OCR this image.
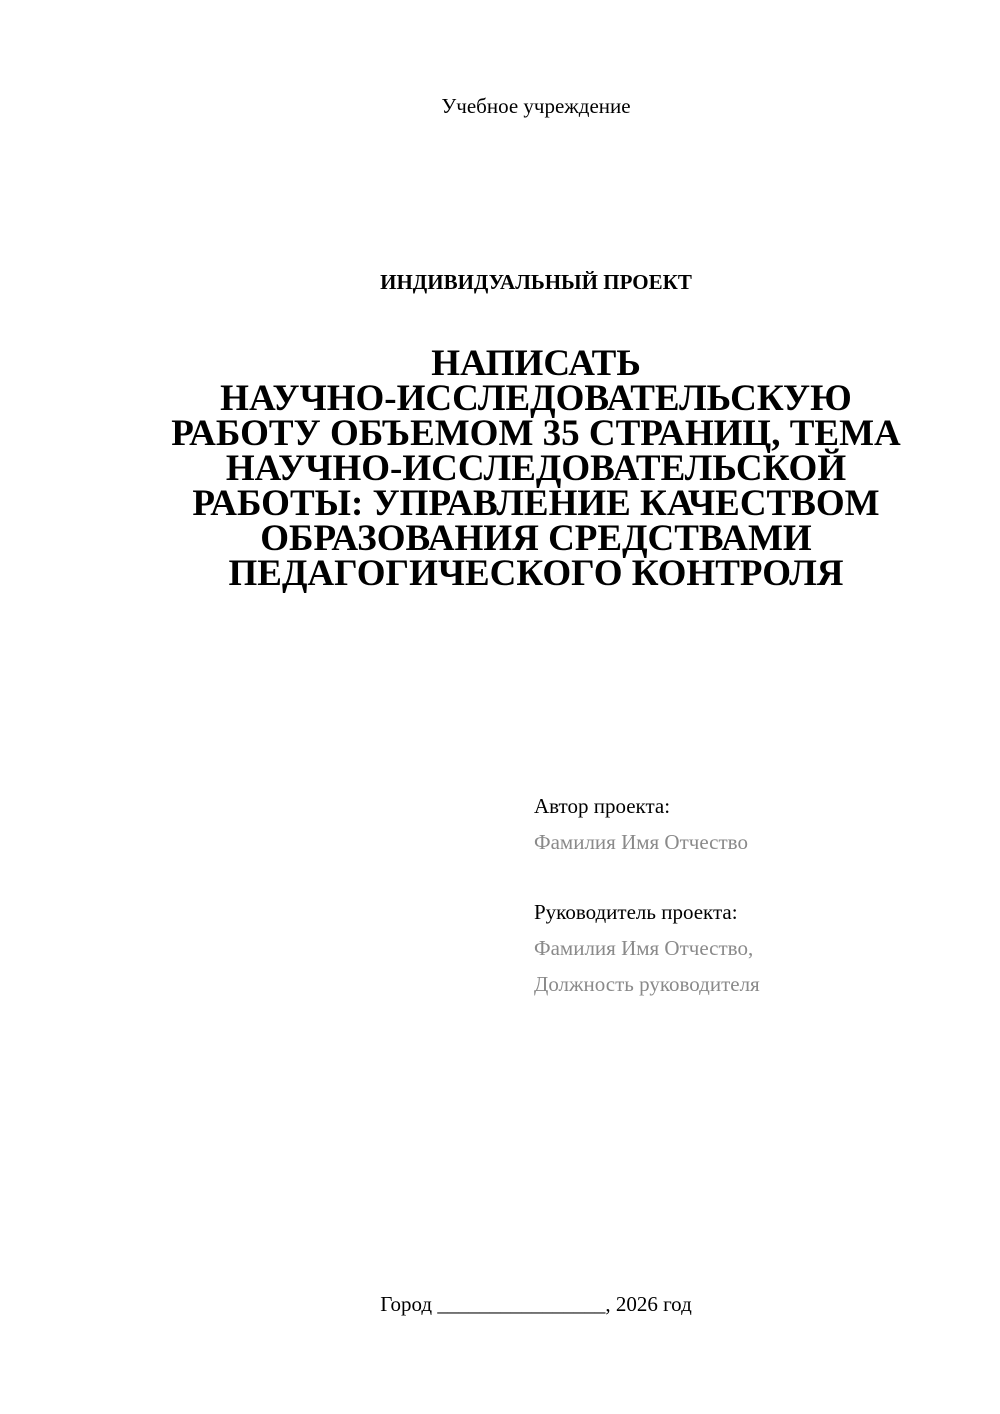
Учебное учреждение
ИНДИВИДУАЛЬНЫЙ ПРОЕКТ
НАПИСАТЬ
НАУЧНО-ИССЛЕДОВАТЕЛЬСКУЮ
РАБОТУ ОБЪЕМОМ 35 СТРАНИЦ, ТЕМА
НАУЧНО-ИССЛЕДОВАТЕЛЬСКОЙ
РАБОТЫ: УПРАВЛЕНИЕ КАЧЕСТВОМ
ОБРАЗОВАНИЯ СРЕДСТВАМИ
ПЕДАГОГИЧЕСКОГО КОНТРОЛЯ
Автор проекта:
Фамилия Имя Отчество
Руководитель проекта:
Фамилия Имя Отчество,
Должность руководителя
Город ________________, 2026 год
